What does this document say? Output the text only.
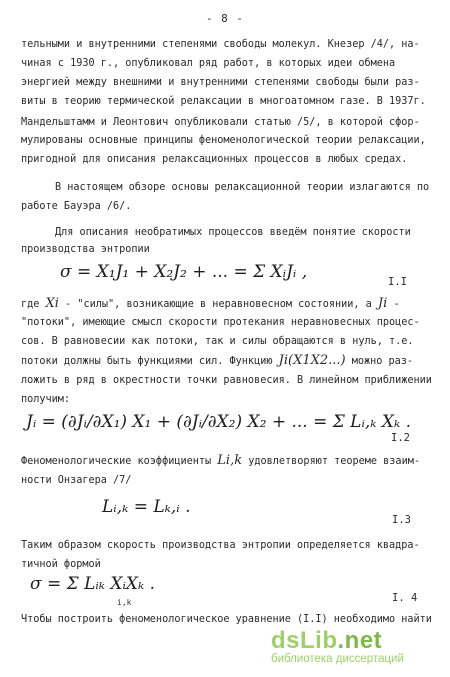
- 8 -
тельными и внутренними степенями свободы молекул. Кнезер /4/, на-
чиная с 1930 г., опубликовал ряд работ, в которых идеи обмена
энергией между внешними и внутренними степенями свободы были раз-
виты в теорию термической релаксации в многоатомном газе. В 1937г.
Мандельштамм и Леонтович опубликовали статью /5/, в которой сфор-
мулированы основные принципы феноменологической теории релаксации,
пригодной для описания релаксационных процессов в любых средах.
В настоящем обзоре основы релаксационной теории излагаются по
работе Бауэра /6/.
Для описания необратимых процессов введём понятие скорости
производства энтропии
σ = X₁J₁ + X₂J₂ + ... = Σ XᵢJᵢ ,	I.I
где Xi - "силы", возникающие в неравновесном состоянии, а Ji -
"потоки", имеющие смысл скорости протекания неравновесных процес-
сов. В равновесии как потоки, так и силы обращаются в нуль, т.е.
потоки должны быть функциями сил. Функцию Ji(X1X2...) можно раз-
ложить в ряд в окрестности точки равновесия. В линейном приближении
получим:
Jᵢ = (∂Jᵢ/∂X₁) X₁ + (∂Jᵢ/∂X₂) X₂ + ... = Σ Lᵢ,ₖ Xₖ .
I.2
Феноменологические коэффициенты Li,k удовлетворяют теореме взаим-
ности Онзагера /7/
Lᵢ,ₖ = Lₖ,ᵢ .
I.3
Таким образом скорость производства энтропии определяется квадра-
тичной формой
σ = Σ Lᵢₖ XᵢXₖ .
i,k	I. 4
Чтобы построить феноменологическое уравнение (I.I) необходимо найти
dsLib.net
библиотека диссертаций
